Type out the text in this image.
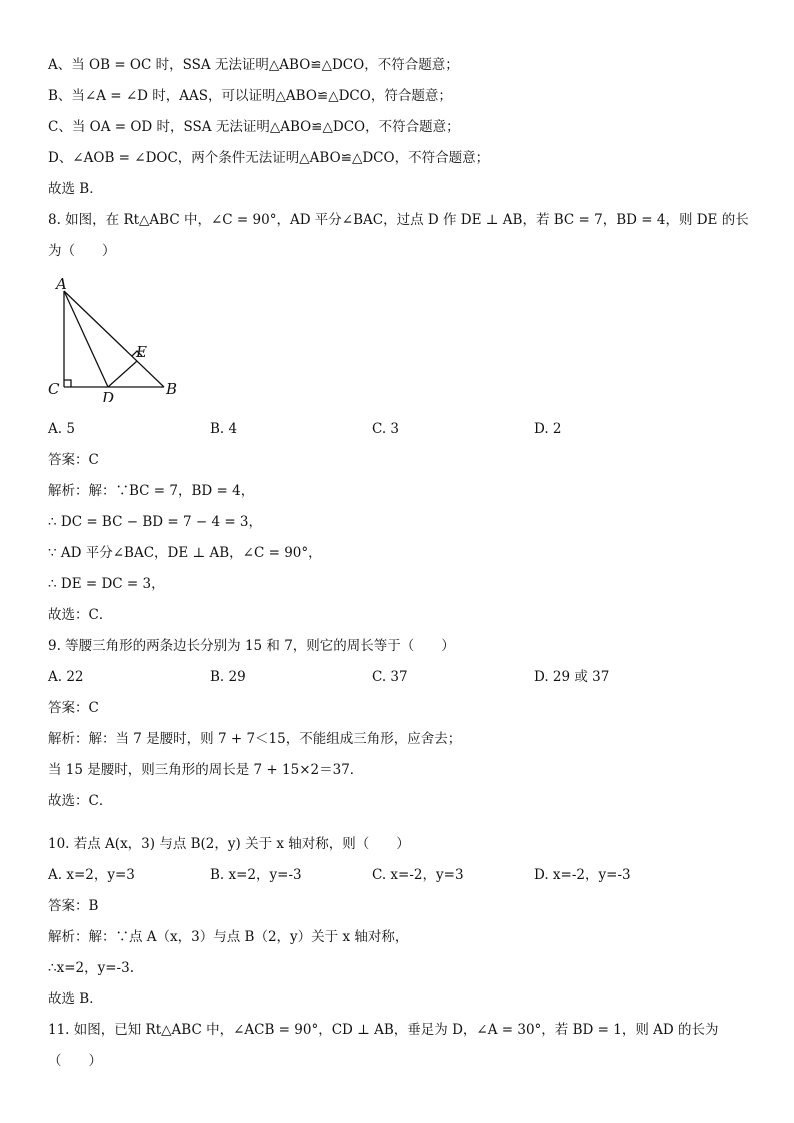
A、当 OB = OC 时，SSA 无法证明△ABO≌△DCO，不符合题意；
B、当∠A = ∠D 时，AAS，可以证明△ABO≌△DCO，符合题意；
C、当 OA = OD 时，SSA 无法证明△ABO≌△DCO，不符合题意；
D、∠AOB = ∠DOC，两个条件无法证明△ABO≌△DCO，不符合题意；
故选 B．
8. 如图，在 Rt△ABC 中，∠C = 90°，AD 平分∠BAC，过点 D 作 DE ⊥ AB，若 BC = 7，BD = 4，则 DE 的长
为（　　）
A
C	D
E
B
A. 5	B. 4	C. 3	D. 2
答案：C
解析：解：∵BC = 7，BD = 4，
∴ DC = BC − BD = 7 − 4 = 3，
∵ AD 平分∠BAC，DE ⊥ AB，∠C = 90°，
∴ DE = DC = 3，
故选：C．
9. 等腰三角形的两条边长分别为 15 和 7，则它的周长等于（　　）
A. 22	B. 29	C. 37	D. 29 或 37
答案：C
解析：解：当 7 是腰时，则 7 + 7＜15，不能组成三角形，应舍去；
当 15 是腰时，则三角形的周长是 7 + 15×2＝37．
故选：C．
10. 若点 A(x，3) 与点 B(2，y) 关于 x 轴对称，则（　　）
A. x=2，y=3	B. x=2，y=-3	C. x=-2，y=3	D. x=-2，y=-3
答案：B
解析：解：∵点 A（x，3）与点 B（2，y）关于 x 轴对称，
∴x=2，y=-3.
故选 B．
11. 如图，已知 Rt△ABC 中，∠ACB = 90°，CD ⊥ AB，垂足为 D，∠A = 30°，若 BD = 1，则 AD 的长为
（　　）
